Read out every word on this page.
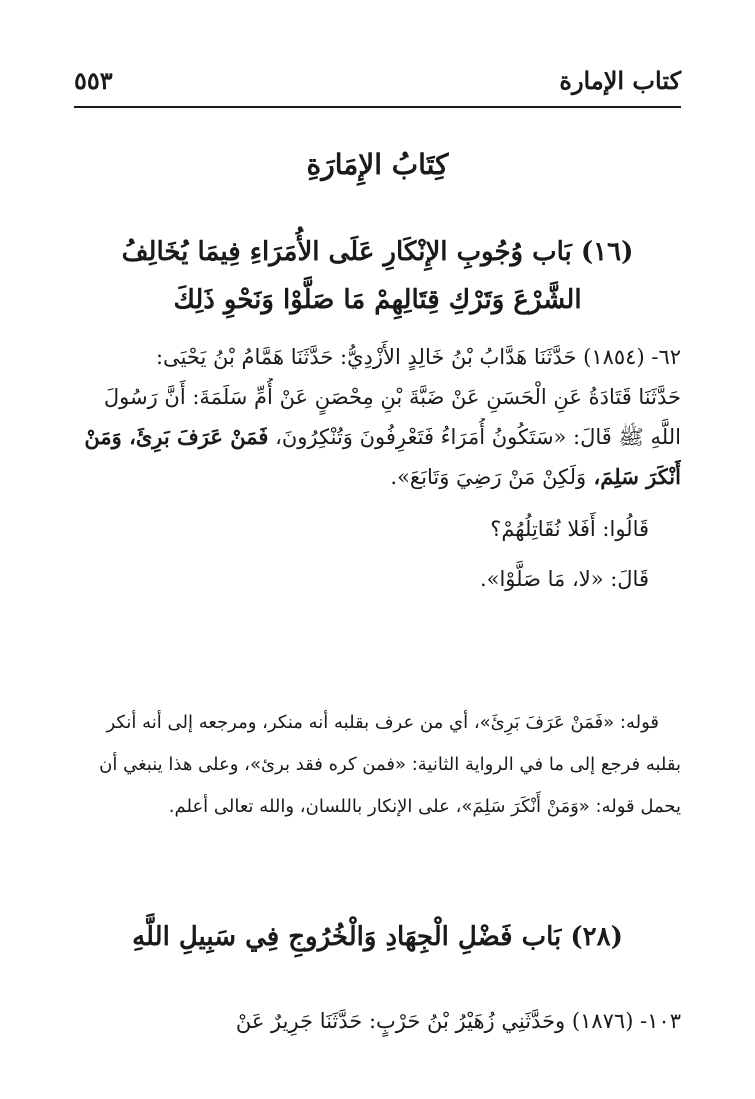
كتاب الإمارة
٥٥٣
كِتَابُ الإِمَارَةِ
(١٦) بَاب وُجُوبِ الإِنْكَارِ عَلَى الأُمَرَاءِ فِيمَا يُخَالِفُ
الشَّرْعَ وَتَرْكِ قِتَالِهِمْ مَا صَلَّوْا وَنَحْوِ ذَلِكَ
٦٢- (١٨٥٤) حَدَّثَنَا هَدَّابُ بْنُ خَالِدٍ الأَزْدِيُّ: حَدَّثَنَا هَمَّامُ بْنُ يَحْيَى:
حَدَّثَنَا قَتَادَةُ عَنِ الْحَسَنِ عَنْ ضَبَّةَ بْنِ مِحْصَنٍ عَنْ أُمِّ سَلَمَةَ: أَنَّ رَسُولَ
اللَّهِ ﷺ قَالَ: «سَتَكُونُ أُمَرَاءُ فَتَعْرِفُونَ وَتُنْكِرُونَ، فَمَنْ عَرَفَ بَرِئَ، وَمَنْ
أَنْكَرَ سَلِمَ، وَلَكِنْ مَنْ رَضِيَ وَتَابَعَ».
قَالُوا: أَفَلا نُقَاتِلُهُمْ؟
قَالَ: «لا، مَا صَلَّوْا».
قوله: «فَمَنْ عَرَفَ بَرِئَ»، أي من عرف بقلبه أنه منكر، ومرجعه إلى أنه أنكر
بقلبه فرجع إلى ما في الرواية الثانية: «فمن كره فقد برئ»، وعلى هذا ينبغي أن
يحمل قوله: «وَمَنْ أَنْكَرَ سَلِمَ»، على الإنكار باللسان، والله تعالى أعلم.
(٢٨) بَاب فَضْلِ الْجِهَادِ وَالْخُرُوجِ فِي سَبِيلِ اللَّهِ
١٠٣- (١٨٧٦) وحَدَّثَنِي زُهَيْرُ بْنُ حَرْبٍ: حَدَّثَنَا جَرِيرٌ عَنْ
